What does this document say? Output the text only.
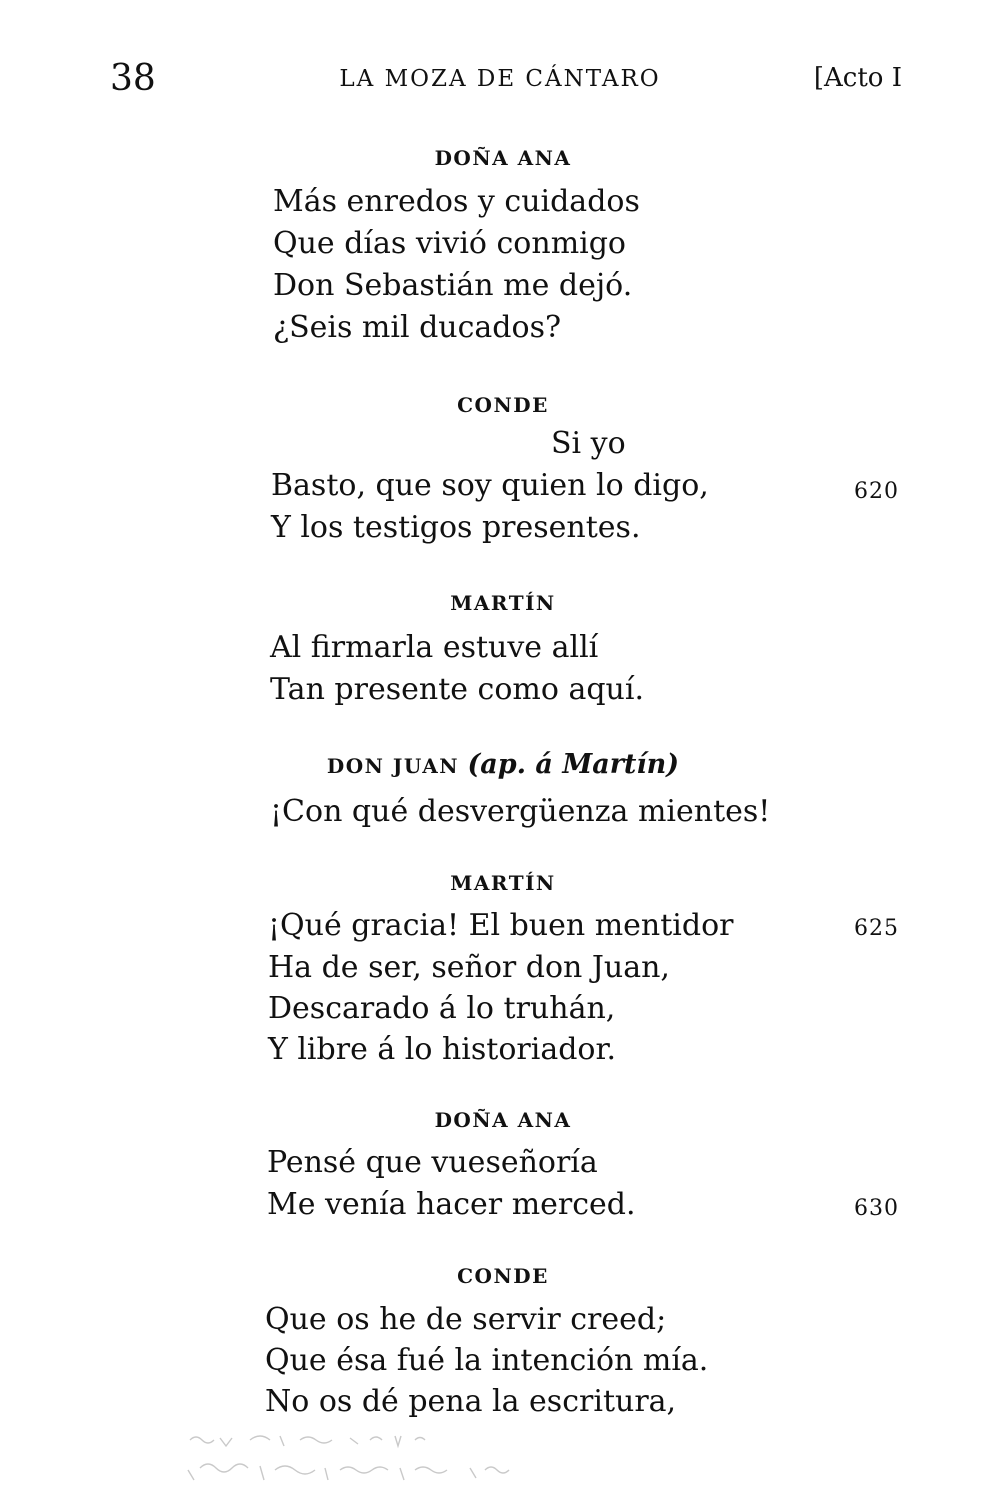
38	LA MOZA DE CÁNTARO	[Acto I
DOÑA ANA
Más enredos y cuidados
Que días vivió conmigo
Don Sebastián me dejó.
¿Seis mil ducados?
CONDE
Si yo
Basto, que soy quien lo digo,	620
Y los testigos presentes.
MARTÍN
Al firmarla estuve allí
Tan presente como aquí.
DON JUAN (ap. á Martín)
¡Con qué desvergüenza mientes!
MARTÍN
¡Qué gracia! El buen mentidor	625
Ha de ser, señor don Juan,
Descarado á lo truhán,
Y libre á lo historiador.
DOÑA ANA
Pensé que vueseñoría
Me venía hacer merced.	630
CONDE
Que os he de servir creed;
Que ésa fué la intención mía.
No os dé pena la escritura,
